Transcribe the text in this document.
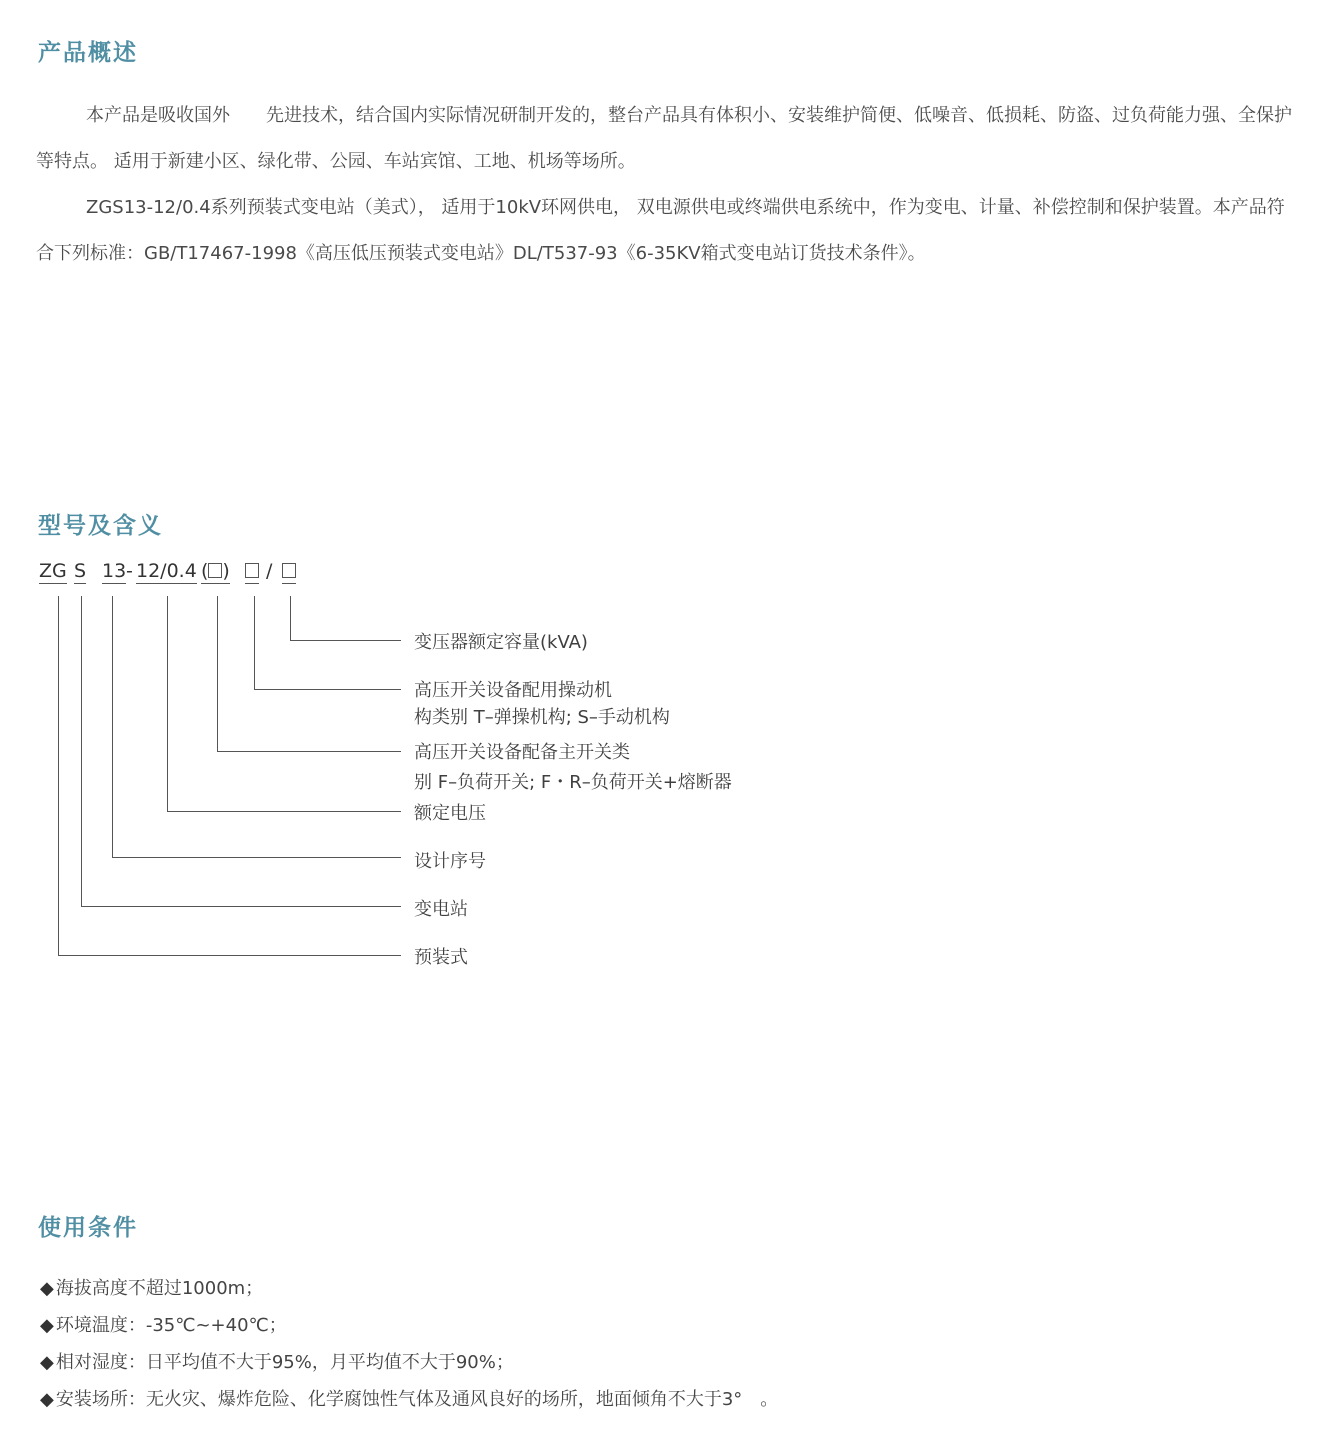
产品概述

本产品是吸收国外　　先进技术，结合国内实际情况研制开发的，整台产品具有体积小、安装维护简便、低噪音、低损耗、防盗、过负荷能力强、全保护等特点。 适用于新建小区、绿化带、公园、车站宾馆、工地、机场等场所。

ZGS13-12/0.4系列预装式变电站（美式）， 适用于10kV环网供电， 双电源供电或终端供电系统中，作为变电、计量、补偿控制和保护装置。本产品符合下列标准：GB/T17467-1998《高压低压预装式变电站》DL/T537-93《6-35KV箱式变电站订货技术条件》。

型号及含义
ZG S 13 - 12/0.4 ( ) /
变压器额定容量(kVA)
高压开关设备配用操动机
构类别 T–弹操机构; S–手动机构
高压开关设备配备主开关类
别 F–负荷开关; F・R–负荷开关+熔断器
额定电压
设计序号
变电站
预装式
使用条件
◆ 海拔高度不超过1000m；
◆ 环境温度：-35℃~+40℃；
◆ 相对湿度：日平均值不大于95%，月平均值不大于90%；
◆ 安装场所：无火灾、爆炸危险、化学腐蚀性气体及通风良好的场所，地面倾角不大于3°　。
